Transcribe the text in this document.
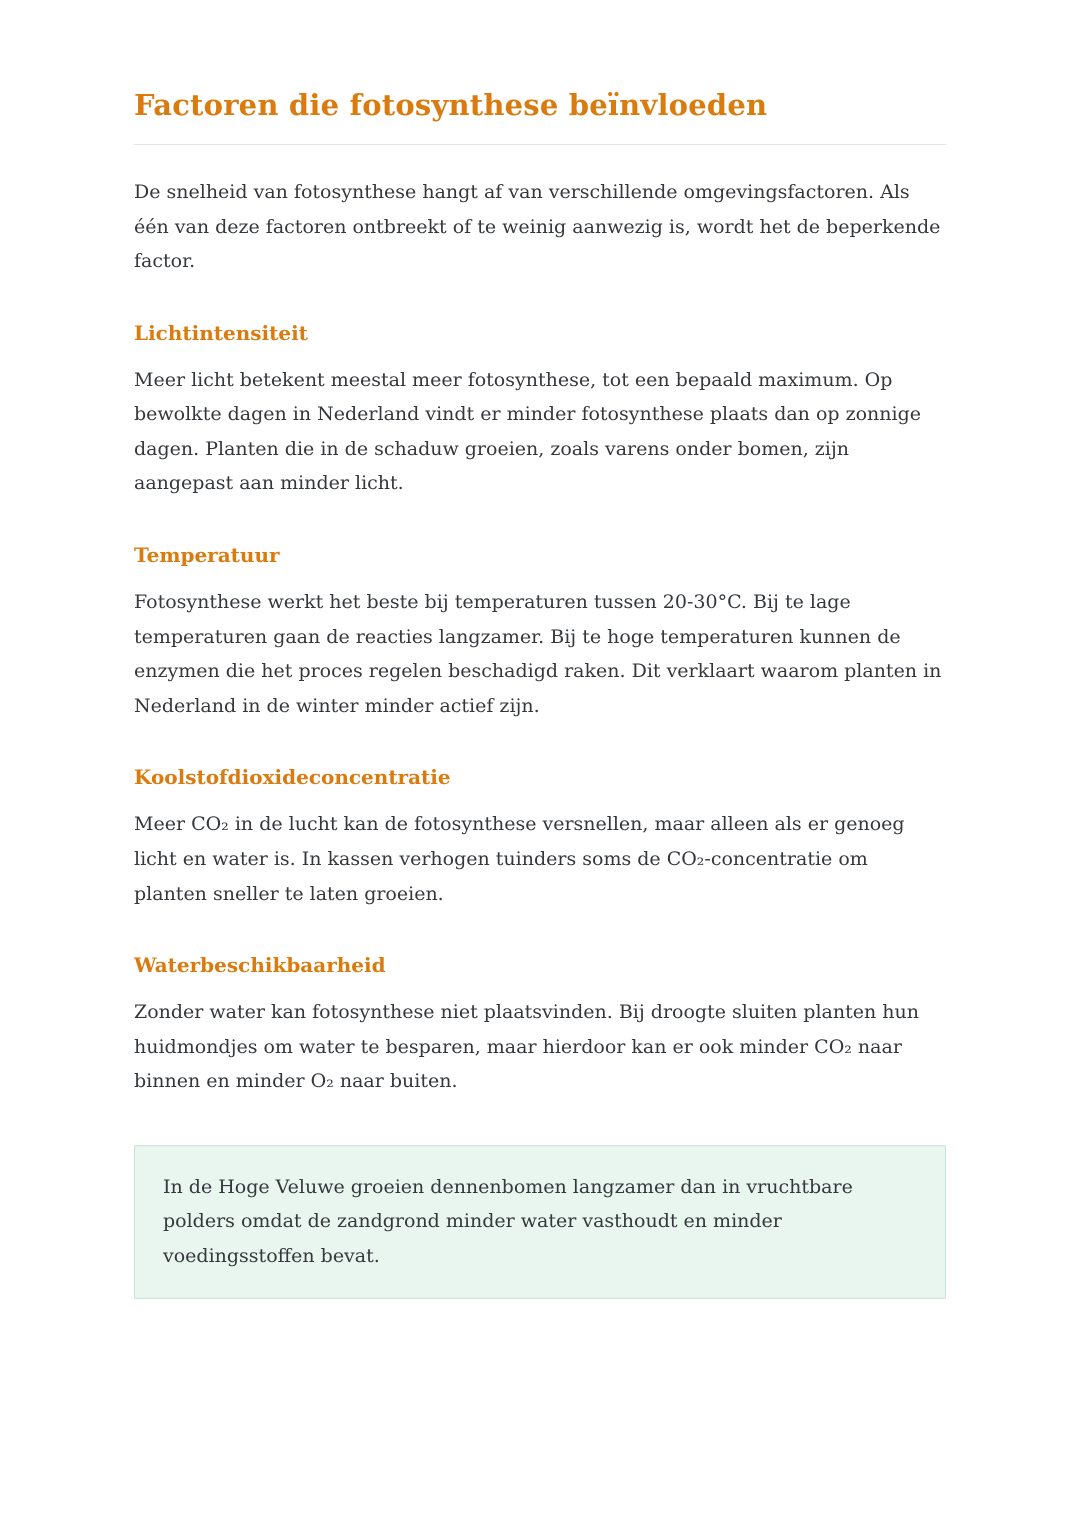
Factoren die fotosynthese beïnvloeden

De snelheid van fotosynthese hangt af van verschillende omgevingsfactoren. Als één van deze factoren ontbreekt of te weinig aanwezig is, wordt het de beperkende factor.

Lichtintensiteit

Meer licht betekent meestal meer fotosynthese, tot een bepaald maximum. Op bewolkte dagen in Nederland vindt er minder fotosynthese plaats dan op zonnige dagen. Planten die in de schaduw groeien, zoals varens onder bomen, zijn aangepast aan minder licht.

Temperatuur

Fotosynthese werkt het beste bij temperaturen tussen 20-30°C. Bij te lage temperaturen gaan de reacties langzamer. Bij te hoge temperaturen kunnen de enzymen die het proces regelen beschadigd raken. Dit verklaart waarom planten in Nederland in de winter minder actief zijn.

Koolstofdioxideconcentratie

Meer CO₂ in de lucht kan de fotosynthese versnellen, maar alleen als er genoeg licht en water is. In kassen verhogen tuinders soms de CO₂-concentratie om planten sneller te laten groeien.

Waterbeschikbaarheid

Zonder water kan fotosynthese niet plaatsvinden. Bij droogte sluiten planten hun huidmondjes om water te besparen, maar hierdoor kan er ook minder CO₂ naar binnen en minder O₂ naar buiten.

In de Hoge Veluwe groeien dennenbomen langzamer dan in vruchtbare polders omdat de zandgrond minder water vasthoudt en minder voedingsstoffen bevat.
